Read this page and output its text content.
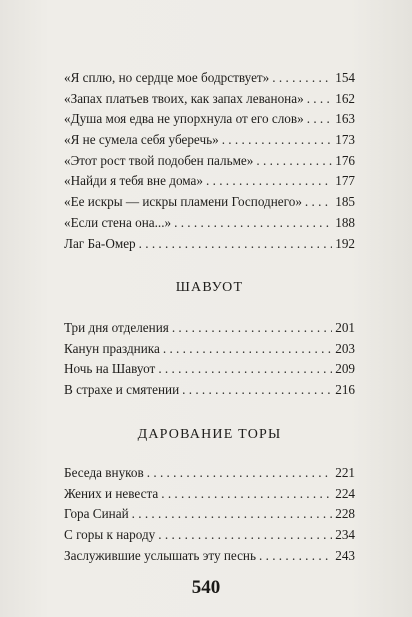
«Я сплю, но сердце мое бодрствует» . . .	154
«Запах платьев твоих, как запах леванона» . . . 162
«Душа моя едва не упорхнула от его слов» . . . 163
«Я не сумела себя уберечь» . . .	173
«Этот рост твой подобен пальме» . . .	176
«Найди я тебя вне дома» . . .	177
«Ее искры — искры пламени Господнего» . . .	185
«Если стена она...» . . .	188
Лаг Ба-Омер . . .	192
ШАВУОТ
Три дня отделения . . .	201
Канун праздника . . .	203
Ночь на Шавуот . . .	209
В страхе и смятении . . .	216
ДАРОВАНИЕ ТОРЫ
Беседа внуков . . .	221
Жених и невеста . . .	224
Гора Синай . . .	228
С горы к народу . . .	234
Заслужившие услышать эту песнь . . .	243
540
